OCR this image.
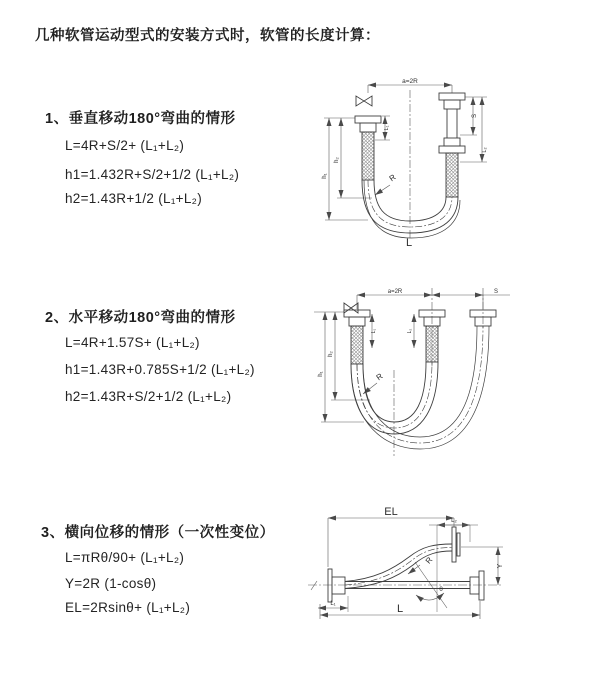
几种软管运动型式的安装方式时，软管的长度计算：
1、垂直移动180°弯曲的情形
L=4R+S/2+ (L₁+L₂)
h1=1.432R+S/2+1/2 (L₁+L₂)
h2=1.43R+1/2 (L₁+L₂)
2、水平移动180°弯曲的情形
L=4R+1.57S+ (L₁+L₂)
h1=1.43R+0.785S+1/2 (L₁+L₂)
h2=1.43R+S/2+1/2 (L₁+L₂)
3、横向位移的情形（一次性变位）
L=πRθ/90+ (L₁+L₂)
Y=2R (1-cosθ)
EL=2Rsinθ+ (L₁+L₂)
a=2R
L₁
S
L₂
h₂
h₁	R
L
a=2R	S
L₁	L₂
h₂
h₁	R
EL
L₂
Y
R
θ
L
L₁
